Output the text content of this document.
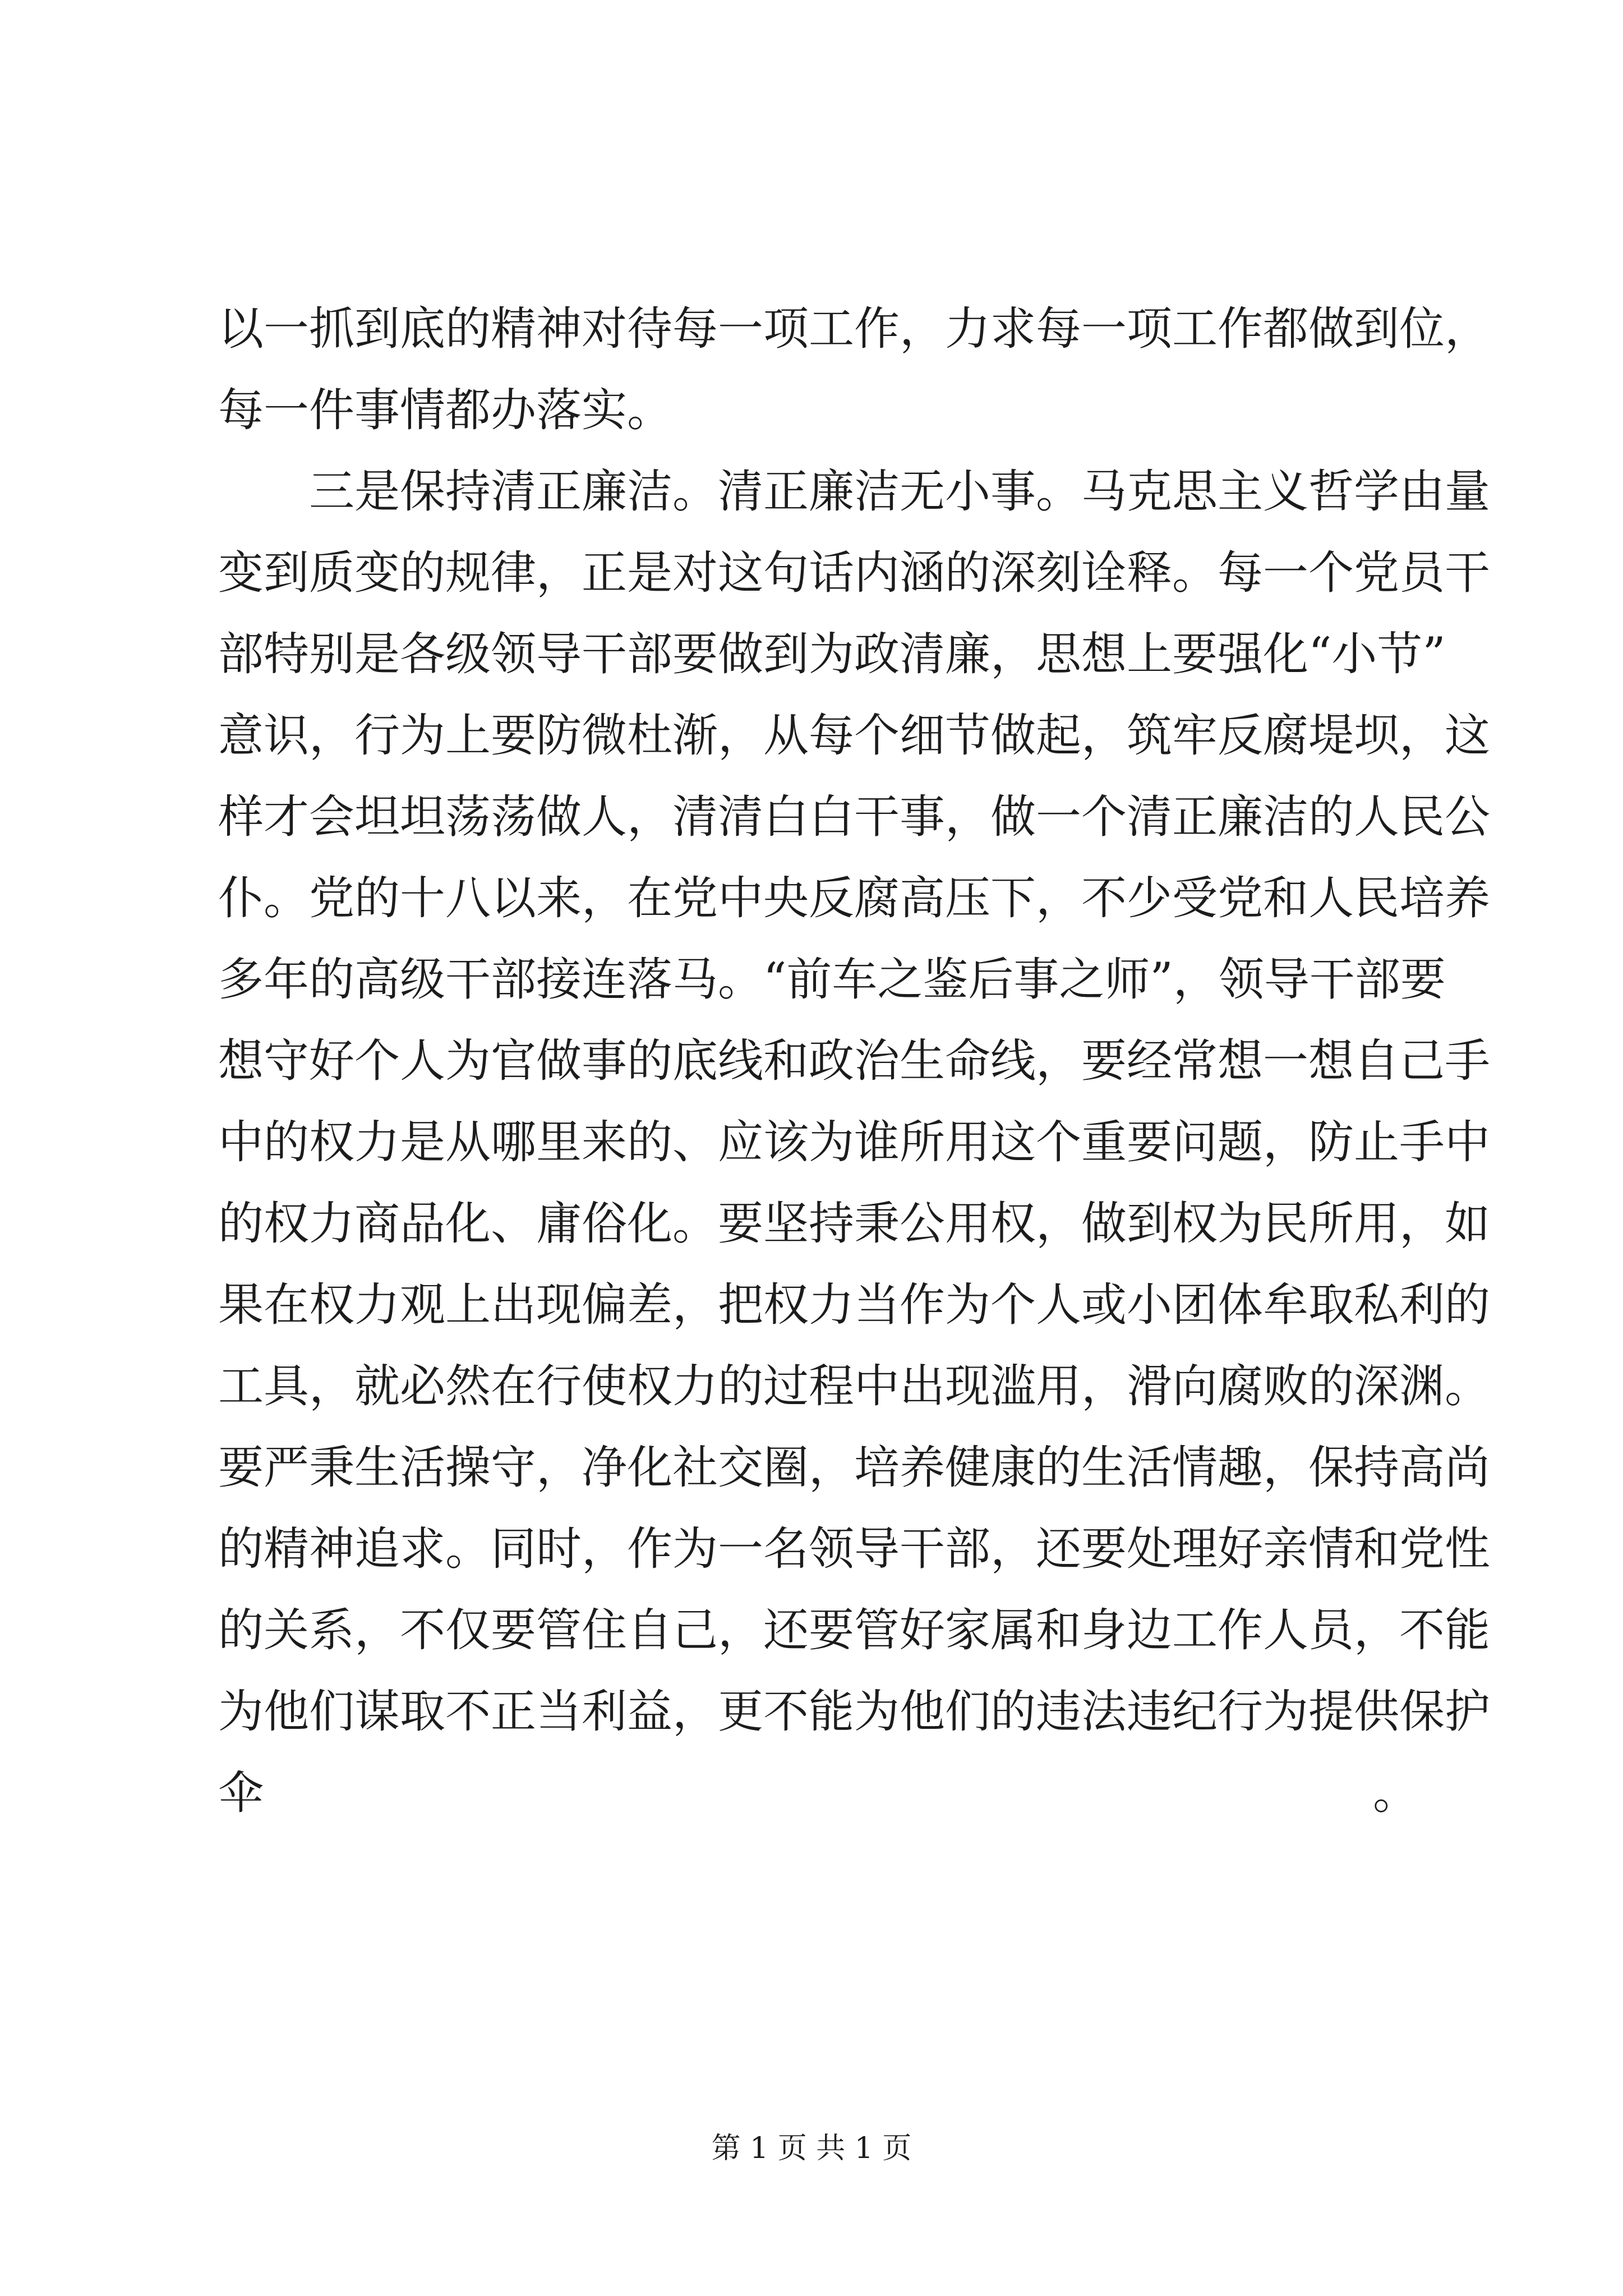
以一抓到底的精神对待每一项工作，力求每一项工作都做到位，
每一件事情都办落实。
三是保持清正廉洁。清正廉洁无小事。马克思主义哲学由量
变到质变的规律，正是对这句话内涵的深刻诠释。每一个党员干
部特别是各级领导干部要做到为政清廉，思想上要强化“小节”
意识，行为上要防微杜渐，从每个细节做起，筑牢反腐堤坝，这
样才会坦坦荡荡做人，清清白白干事，做一个清正廉洁的人民公
仆。党的十八以来，在党中央反腐高压下，不少受党和人民培养
多年的高级干部接连落马。“前车之鉴后事之师”，领导干部要
想守好个人为官做事的底线和政治生命线，要经常想一想自己手
中的权力是从哪里来的、应该为谁所用这个重要问题，防止手中
的权力商品化、庸俗化。要坚持秉公用权，做到权为民所用，如
果在权力观上出现偏差，把权力当作为个人或小团体牟取私利的
工具，就必然在行使权力的过程中出现滥用，滑向腐败的深渊。
要严秉生活操守，净化社交圈，培养健康的生活情趣，保持高尚
的精神追求。同时，作为一名领导干部，还要处理好亲情和党性
的关系，不仅要管住自己，还要管好家属和身边工作人员，不能
为他们谋取不正当利益，更不能为他们的违法违纪行为提供保护
伞。
第 1 页 共 1 页
